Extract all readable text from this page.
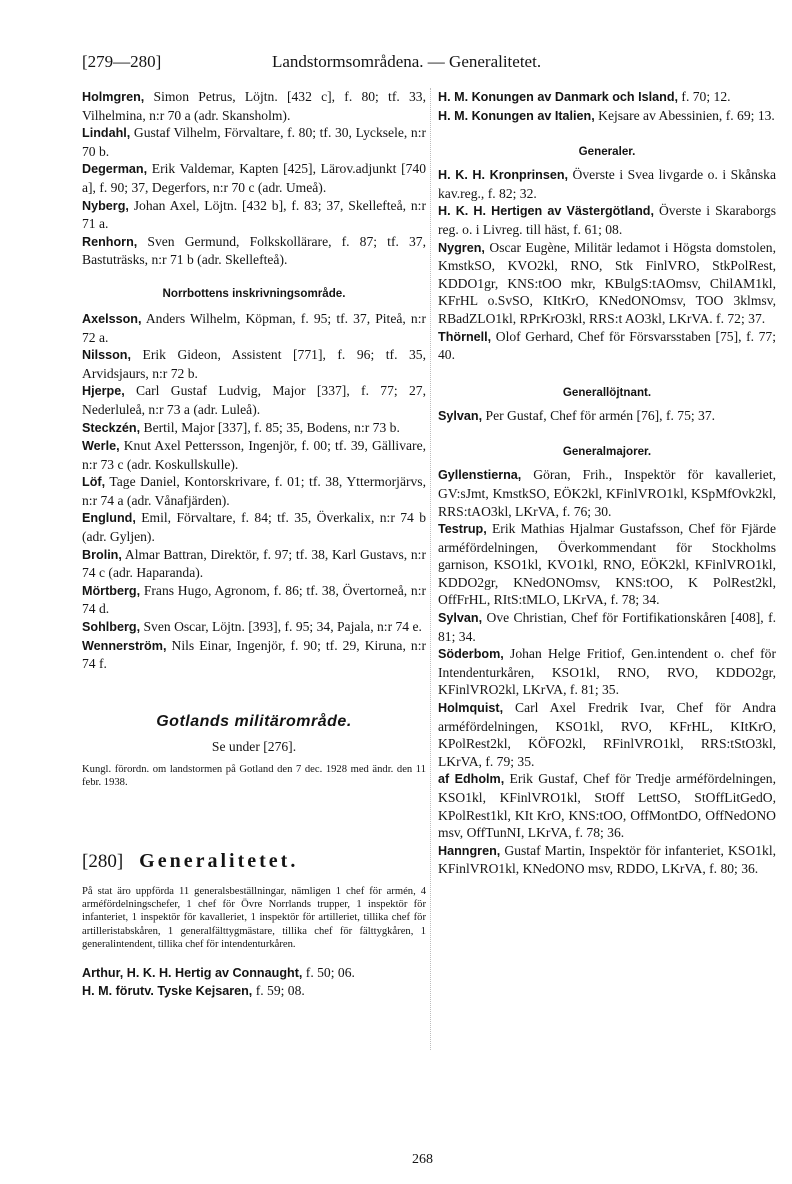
[279—280]	Landstormsområdena. — Generalitetet.

Holmgren, Simon Petrus, Löjtn. [432 c], f. 80; tf. 33, Vilhelmina, n:r 70 a (adr. Skansholm).

Lindahl, Gustaf Vilhelm, Förvaltare, f. 80; tf. 30, Lycksele, n:r 70 b.

Degerman, Erik Valdemar, Kapten [425], Lärov.adjunkt [740 a], f. 90; 37, Degerfors, n:r 70 c (adr. Umeå).

Nyberg, Johan Axel, Löjtn. [432 b], f. 83; 37, Skellefteå, n:r 71 a.

Renhorn, Sven Germund, Folkskollärare, f. 87; tf. 37, Bastuträsks, n:r 71 b (adr. Skellefteå).

Norrbottens inskrivningsområde.

Axelsson, Anders Wilhelm, Köpman, f. 95; tf. 37, Piteå, n:r 72 a.

Nilsson, Erik Gideon, Assistent [771], f. 96; tf. 35, Arvidsjaurs, n:r 72 b.

Hjerpe, Carl Gustaf Ludvig, Major [337], f. 77; 27, Nederluleå, n:r 73 a (adr. Luleå).

Steckzén, Bertil, Major [337], f. 85; 35, Bodens, n:r 73 b.

Werle, Knut Axel Pettersson, Ingenjör, f. 00; tf. 39, Gällivare, n:r 73 c (adr. Koskullskulle).

Löf, Tage Daniel, Kontorskrivare, f. 01; tf. 38, Yttermorjärvs, n:r 74 a (adr. Vånafjärden).

Englund, Emil, Förvaltare, f. 84; tf. 35, Överkalix, n:r 74 b (adr. Gyljen).

Brolin, Almar Battran, Direktör, f. 97; tf. 38, Karl Gustavs, n:r 74 c (adr. Haparanda).

Mörtberg, Frans Hugo, Agronom, f. 86; tf. 38, Övertorneå, n:r 74 d.

Sohlberg, Sven Oscar, Löjtn. [393], f. 95; 34, Pajala, n:r 74 e.

Wennerström, Nils Einar, Ingenjör, f. 90; tf. 29, Kiruna, n:r 74 f.

Gotlands militärområde.

Se under [276].

Kungl. förordn. om landstormen på Gotland den 7 dec. 1928 med ändr. den 11 febr. 1938.

[280] Generalitetet.

På stat äro uppförda 11 generalsbeställningar, nämligen 1 chef för armén, 4 arméfördelningschefer, 1 chef för Övre Norrlands trupper, 1 inspektör för infanteriet, 1 inspektör för kavalleriet, 1 inspektör för artilleriet, tillika chef för artilleristabskåren, 1 generalfälttygmästare, tillika chef för fälttygkåren, 1 generalintendent, tillika chef för intendenturkåren.

Arthur, H. K. H. Hertig av Connaught, f. 50; 06.

H. M. förutv. Tyske Kejsaren, f. 59; 08.

H. M. Konungen av Danmark och Island, f. 70; 12.

H. M. Konungen av Italien, Kejsare av Abessinien, f. 69; 13.

Generaler.

H. K. H. Kronprinsen, Överste i Svea livgarde o. i Skånska kav.reg., f. 82; 32.

H. K. H. Hertigen av Västergötland, Överste i Skaraborgs reg. o. i Livreg. till häst, f. 61; 08.

Nygren, Oscar Eugène, Militär ledamot i Högsta domstolen, KmstkSO, KVO2kl, RNO, Stk FinlVRO, StkPolRest, KDDO1gr, KNS:tOO mkr, KBulgS:tAOmsv, ChilAM1kl, KFrHL o.SvSO, KItKrO, KNedONOmsv, TOO 3klmsv, RBadZLO1kl, RPrKrO3kl, RRS:t AO3kl, LKrVA. f. 72; 37.

Thörnell, Olof Gerhard, Chef för Försvarsstaben [75], f. 77; 40.

Generallöjtnant.

Sylvan, Per Gustaf, Chef för armén [76], f. 75; 37.

Generalmajorer.

Gyllenstierna, Göran, Frih., Inspektör för kavalleriet, GV:sJmt, KmstkSO, EÖK2kl, KFinlVRO1kl, KSpMfOvk2kl, RRS:tAO3kl, LKrVA, f. 76; 30.

Testrup, Erik Mathias Hjalmar Gustafsson, Chef för Fjärde arméfördelningen, Överkommendant för Stockholms garnison, KSO1kl, KVO1kl, RNO, EÖK2kl, KFinlVRO1kl, KDDO2gr, KNedONOmsv, KNS:tOO, K PolRest2kl, OffFrHL, RItS:tMLO, LKrVA, f. 78; 34.

Sylvan, Ove Christian, Chef för Fortifikationskåren [408], f. 81; 34.

Söderbom, Johan Helge Fritiof, Gen.intendent o. chef för Intendenturkåren, KSO1kl, RNO, RVO, KDDO2gr, KFinlVRO2kl, LKrVA, f. 81; 35.

Holmquist, Carl Axel Fredrik Ivar, Chef för Andra arméfördelningen, KSO1kl, RVO, KFrHL, KItKrO, KPolRest2kl, KÖFO2kl, RFinlVRO1kl, RRS:tStO3kl, LKrVA, f. 79; 35.

af Edholm, Erik Gustaf, Chef för Tredje arméfördelningen, KSO1kl, KFinlVRO1kl, StOff LettSO, StOffLitGedO, KPolRest1kl, KIt KrO, KNS:tOO, OffMontDO, OffNedONO msv, OffTunNI, LKrVA, f. 78; 36.

Hanngren, Gustaf Martin, Inspektör för infanteriet, KSO1kl, KFinlVRO1kl, KNedONO msv, RDDO, LKrVA, f. 80; 36.

268
